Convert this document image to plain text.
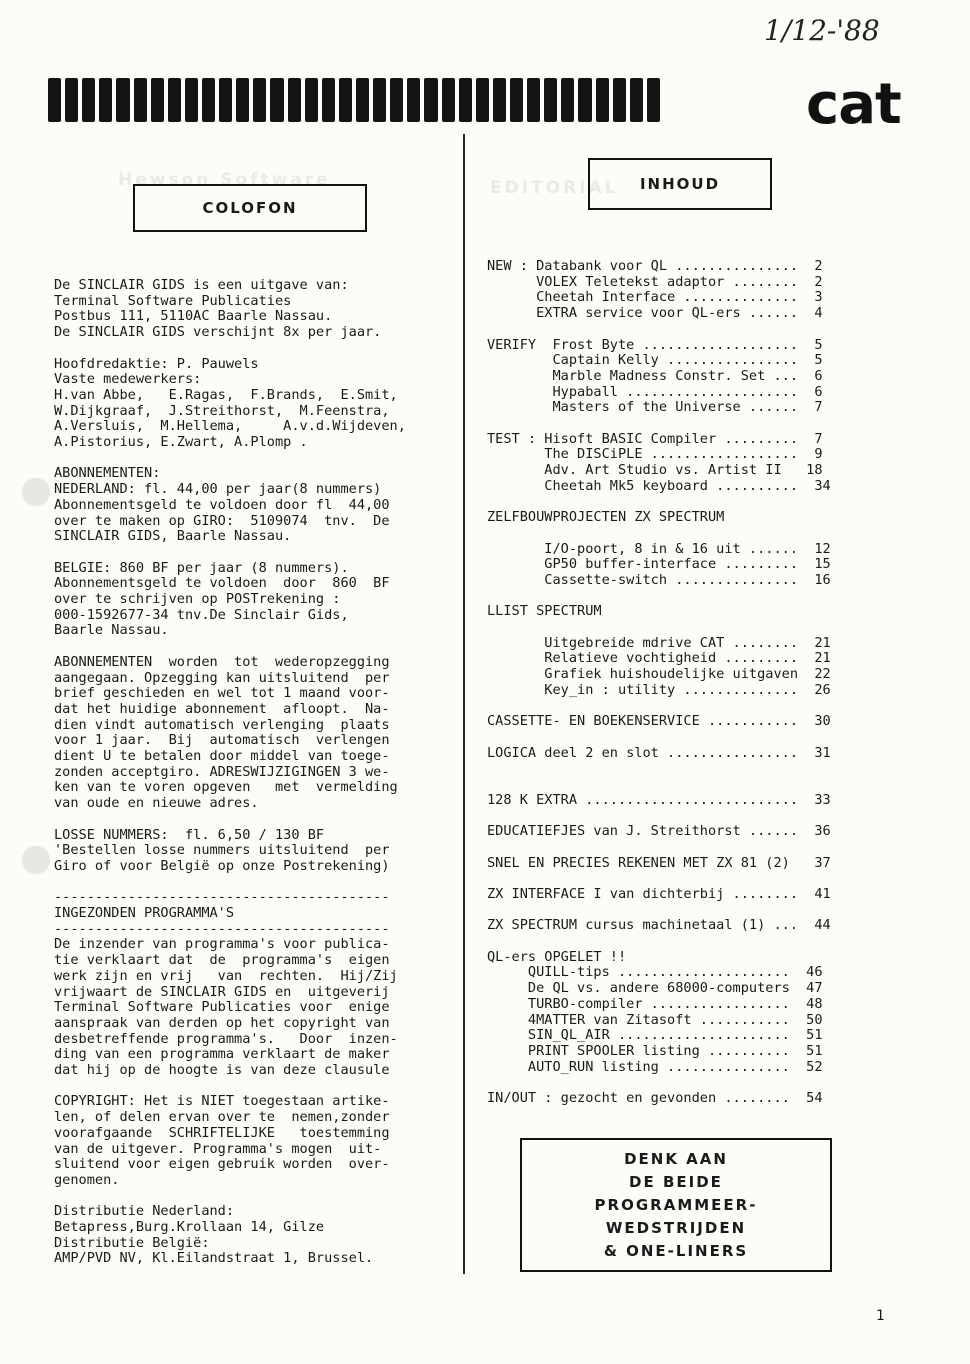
1/12-'88
cat
Hewson Software	EDITORIAL
COLOFON
INHOUD
De SINCLAIR GIDS is een uitgave van:
Terminal Software Publicaties
Postbus 111, 5110AC Baarle Nassau.
De SINCLAIR GIDS verschijnt 8x per jaar.
Hoofdredaktie: P. Pauwels
Vaste medewerkers:
H.van Abbe,   E.Ragas,  F.Brands,  E.Smit,
W.Dijkgraaf,  J.Streithorst,  M.Feenstra,
A.Versluis,  M.Hellema,     A.v.d.Wijdeven,
A.Pistorius, E.Zwart, A.Plomp .
ABONNEMENTEN:
NEDERLAND: fl. 44,00 per jaar(8 nummers)
Abonnementsgeld te voldoen door fl  44,00
over te maken op GIRO:  5109074  tnv.  De
SINCLAIR GIDS, Baarle Nassau.
BELGIE: 860 BF per jaar (8 nummers).
Abonnementsgeld te voldoen  door  860  BF
over te schrijven op POSTrekening :
000-1592677-34 tnv.De Sinclair Gids,
Baarle Nassau.
ABONNEMENTEN  worden  tot  wederopzegging
aangegaan. Opzegging kan uitsluitend  per
brief geschieden en wel tot 1 maand voor-
dat het huidige abonnement  afloopt.  Na-
dien vindt automatisch verlenging  plaats
voor 1 jaar.  Bij  automatisch  verlengen
dient U te betalen door middel van toege-
zonden acceptgiro. ADRESWIJZIGINGEN 3 we-
ken van te voren opgeven   met  vermelding
van oude en nieuwe adres.
LOSSE NUMMERS:  fl. 6,50 / 130 BF
'Bestellen losse nummers uitsluitend  per
Giro of voor België op onze Postrekening)
-----------------------------------------
INGEZONDEN PROGRAMMA'S
-----------------------------------------
De inzender van programma's voor publica-
tie verklaart dat  de  programma's  eigen
werk zijn en vrij   van  rechten.  Hij/Zij
vrijwaart de SINCLAIR GIDS en  uitgeverij
Terminal Software Publicaties voor  enige
aanspraak van derden op het copyright van
desbetreffende programma's.   Door  inzen-
ding van een programma verklaart de maker
dat hij op de hoogte is van deze clausule
COPYRIGHT: Het is NIET toegestaan artike-
len, of delen ervan over te  nemen,zonder
voorafgaande  SCHRIFTELIJKE   toestemming
van de uitgever. Programma's mogen  uit-
sluitend voor eigen gebruik worden  over-
genomen.
Distributie Nederland:
Betapress,Burg.Krollaan 14, Gilze
Distributie België:
AMP/PVD NV, Kl.Eilandstraat 1, Brussel.
NEW : Databank voor QL ...............  2
VOLEX Teletekst adaptor ........  2
Cheetah Interface ..............  3
EXTRA service voor QL-ers ......  4
VERIFY  Frost Byte ...................  5
Captain Kelly ................  5
Marble Madness Constr. Set ...  6
Hypaball .....................  6
Masters of the Universe ......  7
TEST : Hisoft BASIC Compiler .........  7
The DISCiPLE ..................  9
Adv. Art Studio vs. Artist II   18
Cheetah Mk5 keyboard ..........  34
ZELFBOUWPROJECTEN ZX SPECTRUM
I/O-poort, 8 in & 16 uit ......  12
GP50 buffer-interface .........  15
Cassette-switch ...............  16
LLIST SPECTRUM
Uitgebreide mdrive CAT ........  21
Relatieve vochtigheid .........  21
Grafiek huishoudelijke uitgaven  22
Key_in : utility ..............  26
CASSETTE- EN BOEKENSERVICE ...........  30
LOGICA deel 2 en slot ................  31
128 K EXTRA ..........................  33
EDUCATIEFJES van J. Streithorst ......  36
SNEL EN PRECIES REKENEN MET ZX 81 (2)   37
ZX INTERFACE I van dichterbij ........  41
ZX SPECTRUM cursus machinetaal (1) ...  44
QL-ers OPGELET !!
QUILL-tips .....................  46
De QL vs. andere 68000-computers  47
TURBO-compiler .................  48
4MATTER van Zitasoft ...........  50
SIN_QL_AIR .....................  51
PRINT SPOOLER listing ..........  51
AUTO_RUN listing ...............  52
IN/OUT : gezocht en gevonden ........  54
DENK AAN
DE BEIDE
PROGRAMMEER-
WEDSTRIJDEN
& ONE-LINERS
1
